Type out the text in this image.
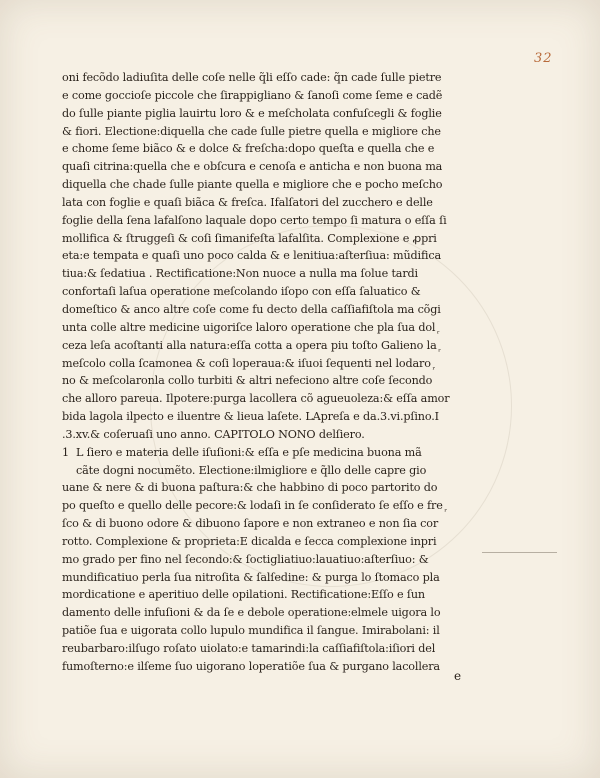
32
oni fecõdo ladiuſita delle coſe nelle q̃li eſſo cade: q̃n cade ſulle pietre
e come goccioſe piccole che ſirappigliano & ſanoſi come ſeme e cadẽ
do ſulle piante piglia lauirtu loro & e meſcholata confuſcegli & foglie
& fiori. Electione:diquella che cade ſulle pietre quella e migliore che
e chome ſeme biãco & e dolce & freſcha:dopo queſta e quella che e
quaſi citrina:quella che e obſcura e cenoſa e anticha e non buona ma
diquella che chade ſulle piante quella e migliore che e pocho meſcho
lata con foglie e quaſi biãca & freſca. Ifalſatori del zucchero e delle
foglie della ſena lafalſono laquale dopo certo tempo ſi matura o eſſa ſi
mollifica & ſtruggeſi & coſi ſimanifeſta lafalſita. Complexione e ꝓpri
eta:e tempata e quaſi uno poco calda & e lenitiua:aſterſiua: mũdifica
tiua:& ſedatiua . Rectificatione:Non nuoce a nulla ma ſolue tardi
confortaſi laſua operatione meſcolando iſopo con eſſa ſaluatico &
domeſtico & anco altre coſe come fu decto della caſſiafiſtola ma cõgi
unta colle altre medicine uigoriſce laloro operatione che pla ſua dol ᷊
ceza leſa acoſtanti alla natura:eſſa cotta a opera piu toſto Galieno la ᷊
meſcolo colla ſcamonea & coſi loperaua:& iſuoi ſequenti nel lodaro ᷊
no & meſcolaronla collo turbiti & altri nefeciono altre coſe ſecondo
che alloro pareua. Ilpotere:purga lacollera cõ agueuoleza:& eſſa amor
bida lagola ilpecto e iluentre & lieua laſete. LApreſa e da.3.vi.pſino.I
.3.xv.& coſeruaſi uno anno. CAPITOLO NONO delſiero.
1 L ſiero e materia delle iſuſioni:& eſſa e pſe medicina buona mã
cãte dogni nocumẽto. Electione:ilmigliore e q̃llo delle capre gio
uane & nere & di buona paſtura:& che habbino di poco partorito do
po queſto e quello delle pecore:& lodaſi in ſe conſiderato ſe eſſo e fre ᷊
ſco & di buono odore & dibuono ſapore e non extraneo e non ſia cor
rotto. Complexione & proprieta:E dicalda e ſecca complexione inpri
mo grado per fino nel ſecondo:& ſoctigliatiuo:lauatiuo:aſterſiuo: &
mundificatiuo perla ſua nitroſita & ſalſedine: & purga lo ſtomaco pla
mordicatione e aperitiuo delle opilationi. Rectificatione:Eſſo e ſun
damento delle infuſioni & da ſe e debole operatione:elmele uigora lo
patiõe ſua e uigorata collo lupulo mundifica il ſangue. Imirabolani: il
reubarbaro:ilſugo roſato uiolato:e tamarindi:la caſſiafiſtola:iſiori del
fumoſterno:e ilſeme ſuo uigorano loperatiõe ſua & purgano lacollera
e
